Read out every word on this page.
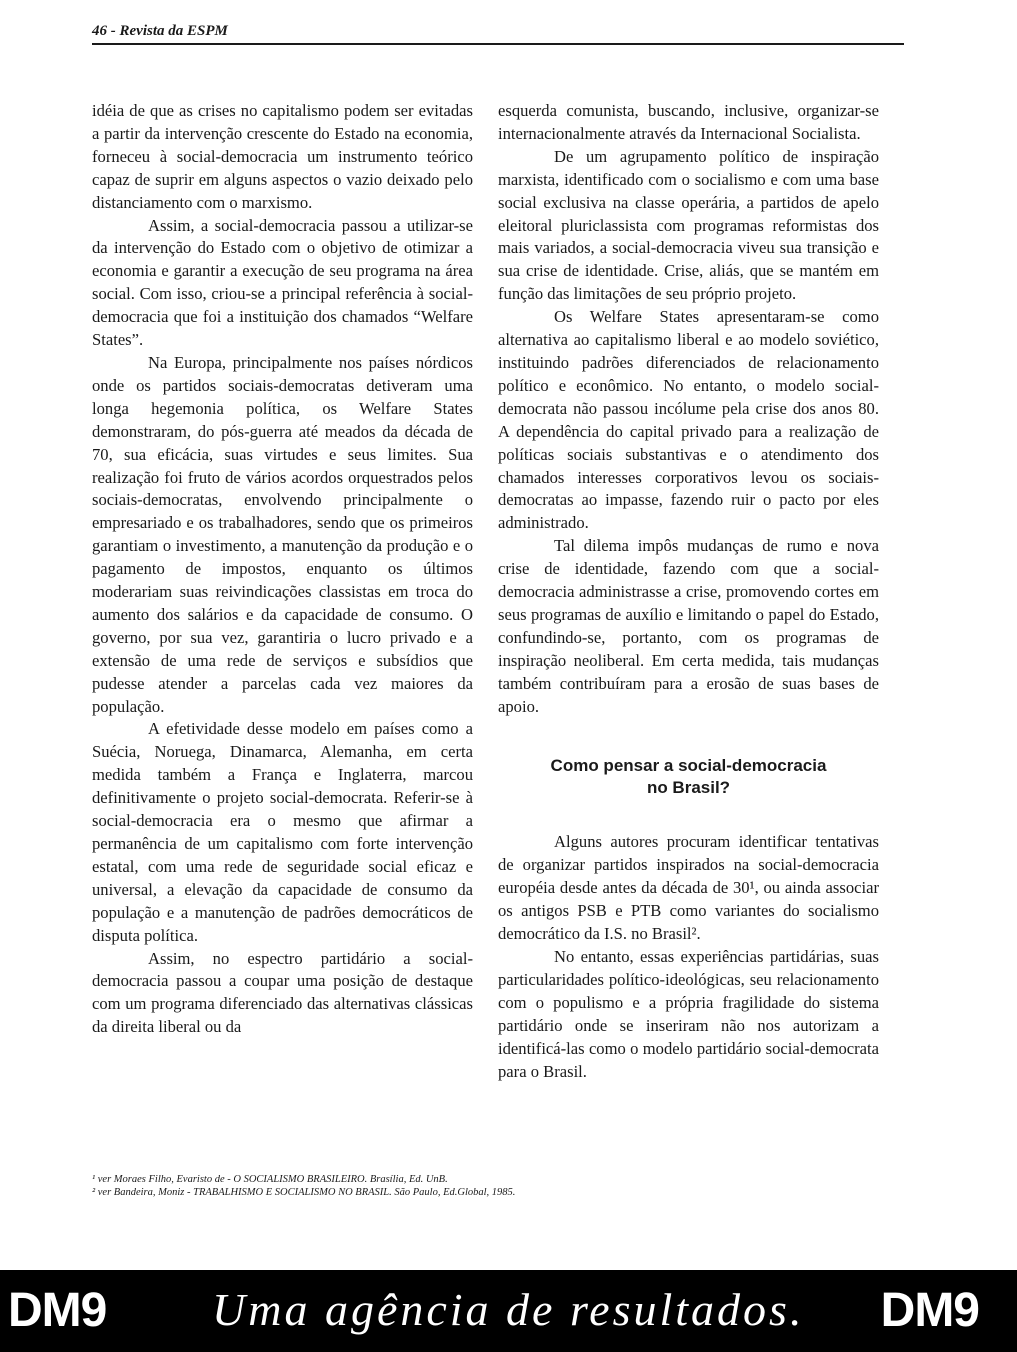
46 - Revista da ESPM

idéia de que as crises no capitalismo podem ser evitadas a partir da intervenção crescente do Estado na economia, forneceu à social-democracia um instrumento teórico capaz de suprir em alguns aspectos o vazio deixado pelo distanciamento com o marxismo.

Assim, a social-democracia passou a utilizar-se da intervenção do Estado com o objetivo de otimizar a economia e garantir a execução de seu programa na área social. Com isso, criou-se a principal referência à social-democracia que foi a instituição dos chamados “Welfare States”.

Na Europa, principalmente nos países nórdicos onde os partidos sociais-democratas detiveram uma longa hegemonia política, os Welfare States demonstraram, do pós-guerra até meados da década de 70, sua eficácia, suas virtudes e seus limites. Sua realização foi fruto de vários acordos orquestrados pelos sociais-democratas, envolvendo principalmente o empresariado e os trabalhadores, sendo que os primeiros garantiam o investimento, a manutenção da produção e o pagamento de impostos, enquanto os últimos moderariam suas reivindicações classistas em troca do aumento dos salários e da capacidade de consumo. O governo, por sua vez, garantiria o lucro privado e a extensão de uma rede de serviços e subsídios que pudesse atender a parcelas cada vez maiores da população.

A efetividade desse modelo em países como a Suécia, Noruega, Dinamarca, Alemanha, em certa medida também a França e Inglaterra, marcou definitivamente o projeto social-democrata. Referir-se à social-democracia era o mesmo que afirmar a permanência de um capitalismo com forte intervenção estatal, com uma rede de seguridade social eficaz e universal, a elevação da capacidade de consumo da população e a manutenção de padrões democráticos de disputa política.

Assim, no espectro partidário a social-democracia passou a coupar uma posição de destaque com um programa diferenciado das alternativas clássicas da direita liberal ou da

esquerda comunista, buscando, inclusive, organizar-se internacionalmente através da Internacional Socialista.

De um agrupamento político de inspiração marxista, identificado com o socialismo e com uma base social exclusiva na classe operária, a partidos de apelo eleitoral pluriclassista com programas reformistas dos mais variados, a social-democracia viveu sua transição e sua crise de identidade. Crise, aliás, que se mantém em função das limitações de seu próprio projeto.

Os Welfare States apresentaram-se como alternativa ao capitalismo liberal e ao modelo soviético, instituindo padrões diferenciados de relacionamento político e econômico. No entanto, o modelo social-democrata não passou incólume pela crise dos anos 80. A dependência do capital privado para a realização de políticas sociais substantivas e o atendimento dos chamados interesses corporativos levou os sociais-democratas ao impasse, fazendo ruir o pacto por eles administrado.

Tal dilema impôs mudanças de rumo e nova crise de identidade, fazendo com que a social-democracia administrasse a crise, promovendo cortes em seus programas de auxílio e limitando o papel do Estado, confundindo-se, portanto, com os programas de inspiração neoliberal. Em certa medida, tais mudanças também contribuíram para a erosão de suas bases de apoio.

Como pensar a social-democracia
no Brasil?

Alguns autores procuram identificar tentativas de organizar partidos inspirados na social-democracia européia desde antes da década de 30¹, ou ainda associar os antigos PSB e PTB como variantes do socialismo democrático da I.S. no Brasil².

No entanto, essas experiências partidárias, suas particularidades político-ideológicas, seu relacionamento com o populismo e a própria fragilidade do sistema partidário onde se inseriram não nos autorizam a identificá-las como o modelo partidário social-democrata para o Brasil.

¹ ver Moraes Filho, Evaristo de - O SOCIALISMO BRASILEIRO. Brasília, Ed. UnB.
² ver Bandeira, Moniz - TRABALHISMO E SOCIALISMO NO BRASIL. São Paulo, Ed.Global, 1985.
DM9 Uma agência de resultados. DM9
